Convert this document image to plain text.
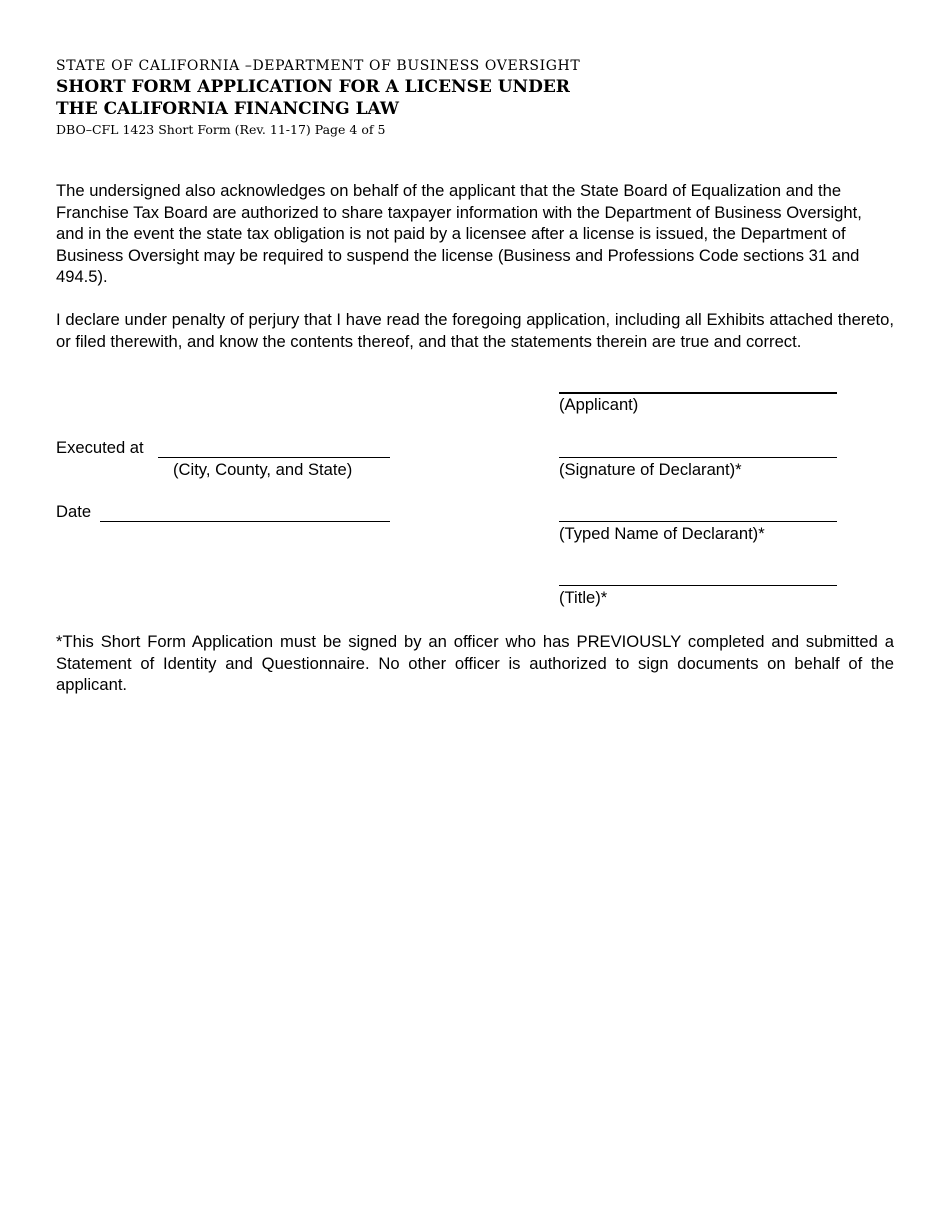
STATE OF CALIFORNIA –DEPARTMENT OF BUSINESS OVERSIGHT
SHORT FORM APPLICATION FOR A LICENSE UNDER
THE CALIFORNIA FINANCING LAW
DBO–CFL 1423 Short Form (Rev. 11-17) Page 4 of 5

The undersigned also acknowledges on behalf of the applicant that the State Board of Equalization and the Franchise Tax Board are authorized to share taxpayer information with the Department of Business Oversight, and in the event the state tax obligation is not paid by a licensee after a license is issued, the Department of Business Oversight may be required to suspend the license (Business and Professions Code sections 31 and 494.5).

I declare under penalty of perjury that I have read the foregoing application, including all Exhibits attached thereto, or filed therewith, and know the contents thereof, and that the statements therein are true and correct.

(Applicant)
Executed at
(City, County, and State)	(Signature of Declarant)*
Date
(Typed Name of Declarant)*
(Title)*

*This Short Form Application must be signed by an officer who has PREVIOUSLY completed and submitted a Statement of Identity and Questionnaire. No other officer is authorized to sign documents on behalf of the applicant.
